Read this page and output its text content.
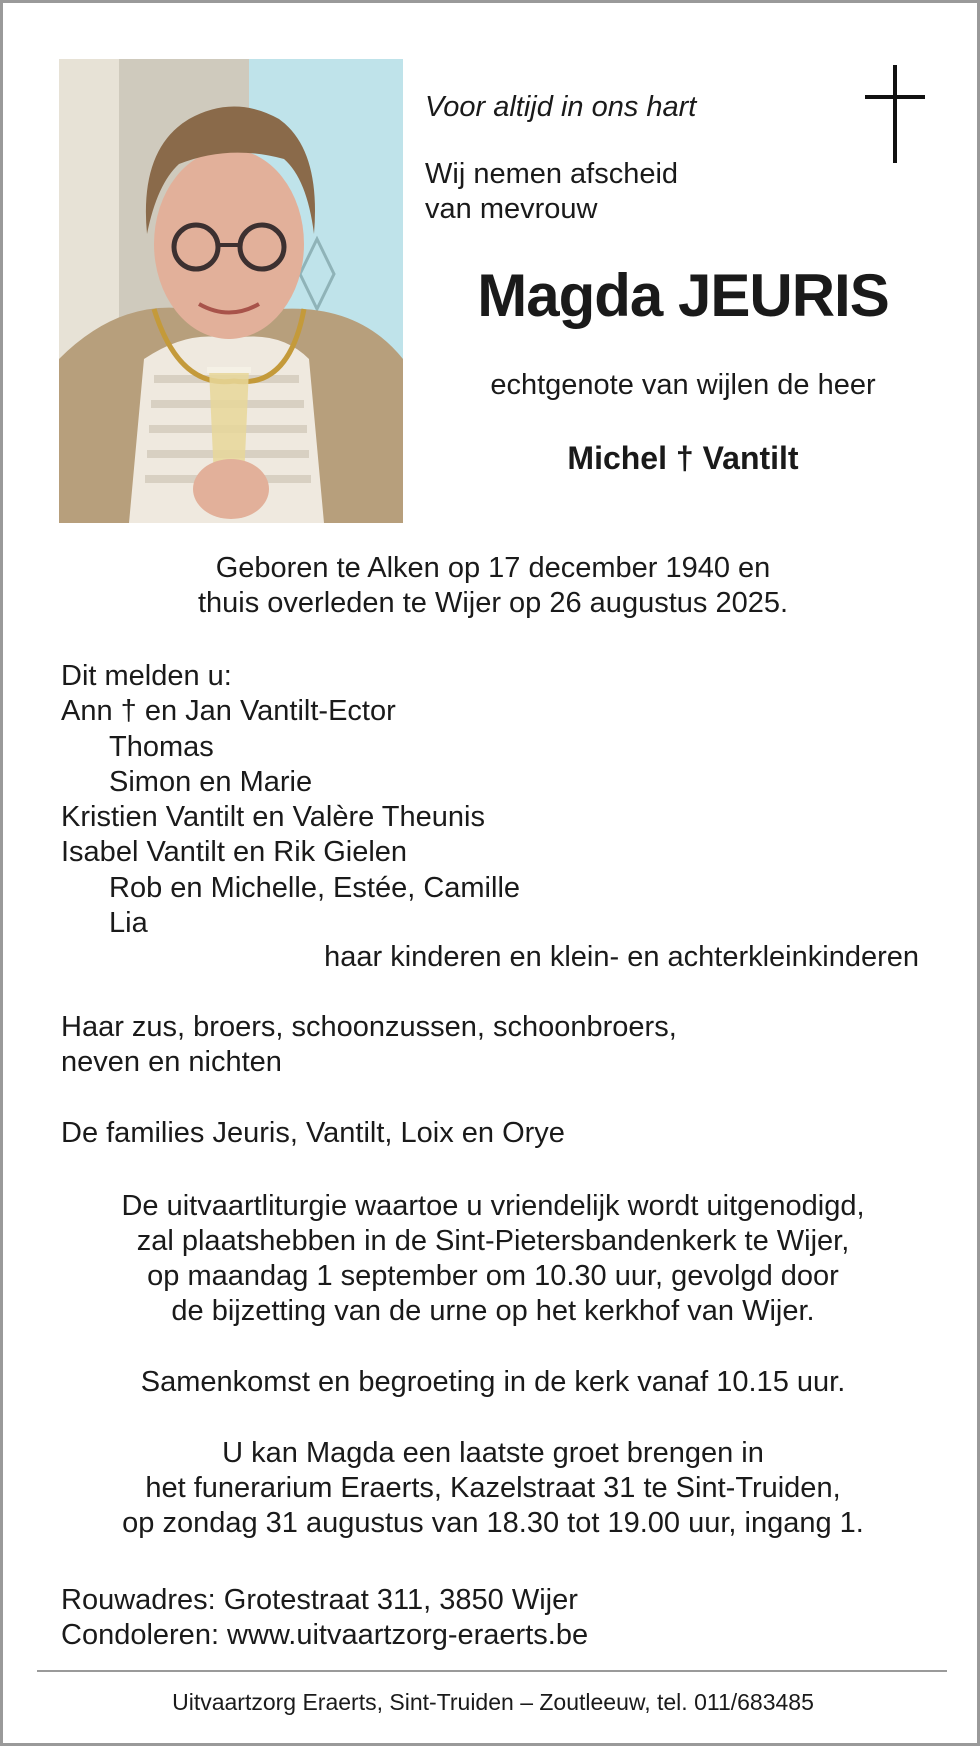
Voor altijd in ons hart

Wij nemen afscheid
van mevrouw

Magda JEURIS

echtgenote van wijlen de heer

Michel † Vantilt

Geboren te Alken op 17 december 1940 en
thuis overleden te Wijer op 26 augustus 2025.
Dit melden u:
Ann † en Jan Vantilt-Ector
Thomas
Simon en Marie
Kristien Vantilt en Valère Theunis
Isabel Vantilt en Rik Gielen
Rob en Michelle, Estée, Camille
Lia
haar kinderen en klein- en achterkleinkinderen
Haar zus, broers, schoonzussen, schoonbroers,
neven en nichten
De families Jeuris, Vantilt, Loix en Orye
De uitvaartliturgie waartoe u vriendelijk wordt uitgenodigd,
zal plaatshebben in de Sint-Pietersbandenkerk te Wijer,
op maandag 1 september om 10.30 uur, gevolgd door
de bijzetting van de urne op het kerkhof van Wijer.
Samenkomst en begroeting in de kerk vanaf 10.15 uur.
U kan Magda een laatste groet brengen in
het funerarium Eraerts, Kazelstraat 31 te Sint-Truiden,
op zondag 31 augustus van 18.30 tot 19.00 uur, ingang 1.
Rouwadres: Grotestraat 311, 3850 Wijer
Condoleren: www.uitvaartzorg-eraerts.be

Uitvaartzorg Eraerts, Sint-Truiden – Zoutleeuw, tel. 011/683485
